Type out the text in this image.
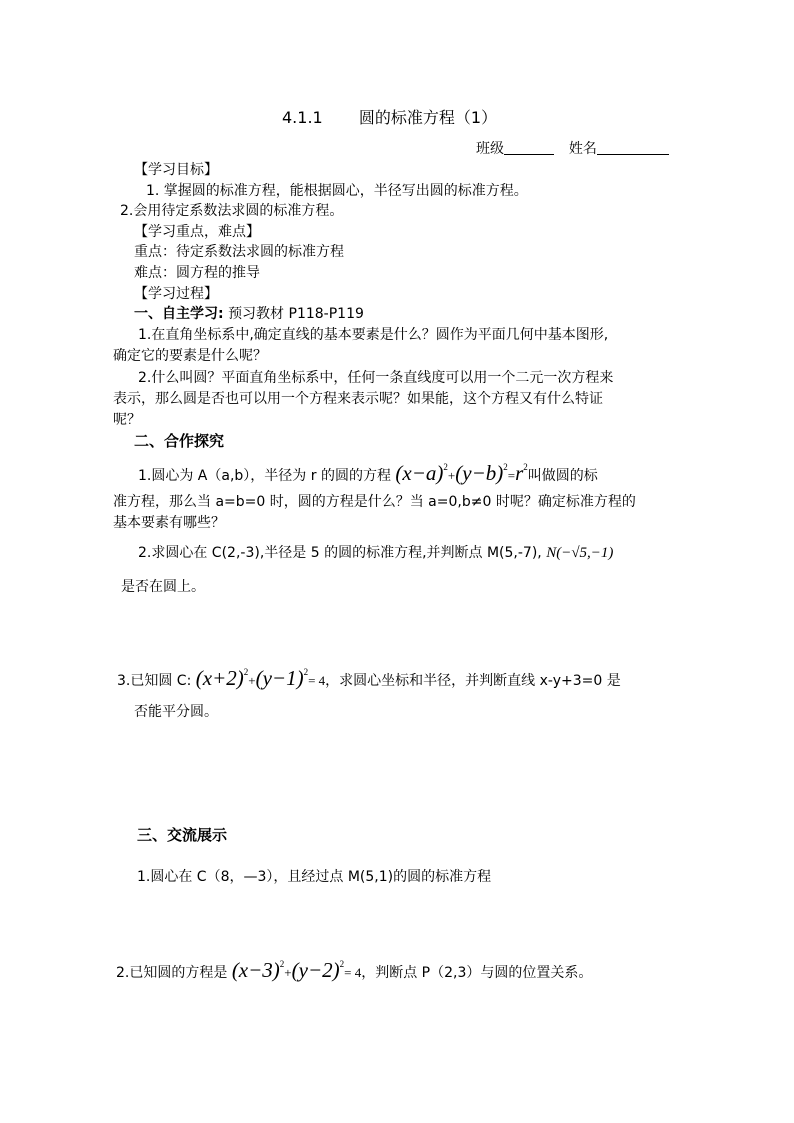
4.1.1 圆的标准方程（1）
班级	姓名
【学习目标】
1. 掌握圆的标准方程，能根据圆心，半径写出圆的标准方程。
2.会用待定系数法求圆的标准方程。
【学习重点，难点】
重点：待定系数法求圆的标准方程
难点：圆方程的推导
【学习过程】
一、自主学习: 预习教材 P118-P119
1.在直角坐标系中,确定直线的基本要素是什么？圆作为平面几何中基本图形,
确定它的要素是什么呢？
2.什么叫圆？平面直角坐标系中，任何一条直线度可以用一个二元一次方程来
表示，那么圆是否也可以用一个方程来表示呢？如果能，这个方程又有什么特证
呢？
二、合作探究
1.圆心为 A（a,b），半径为 r 的圆的方程 $(x-a)^2+(y-b)^2=r^2$叫做圆的标
准方程，那么当 a=b=0 时，圆的方程是什么？当 a=0,b≠0 时呢？确定标准方程的
基本要素有哪些？
2.求圆心在 C(2,-3),半径是 5 的圆的标准方程,并判断点 M(5,-7), N(−√5,−1)
是否在圆上。
3.已知圆 C: $(x+2)^2+(y-1)^2= 4$，求圆心坐标和半径，并判断直线 x-y+3=0 是
否能平分圆。
三、交流展示
1.圆心在 C（8，—3），且经过点 M(5,1)的圆的标准方程
2.已知圆的方程是 $(x-3)^2+(y-2)^2= 4$，判断点 P（2,3）与圆的位置关系。
